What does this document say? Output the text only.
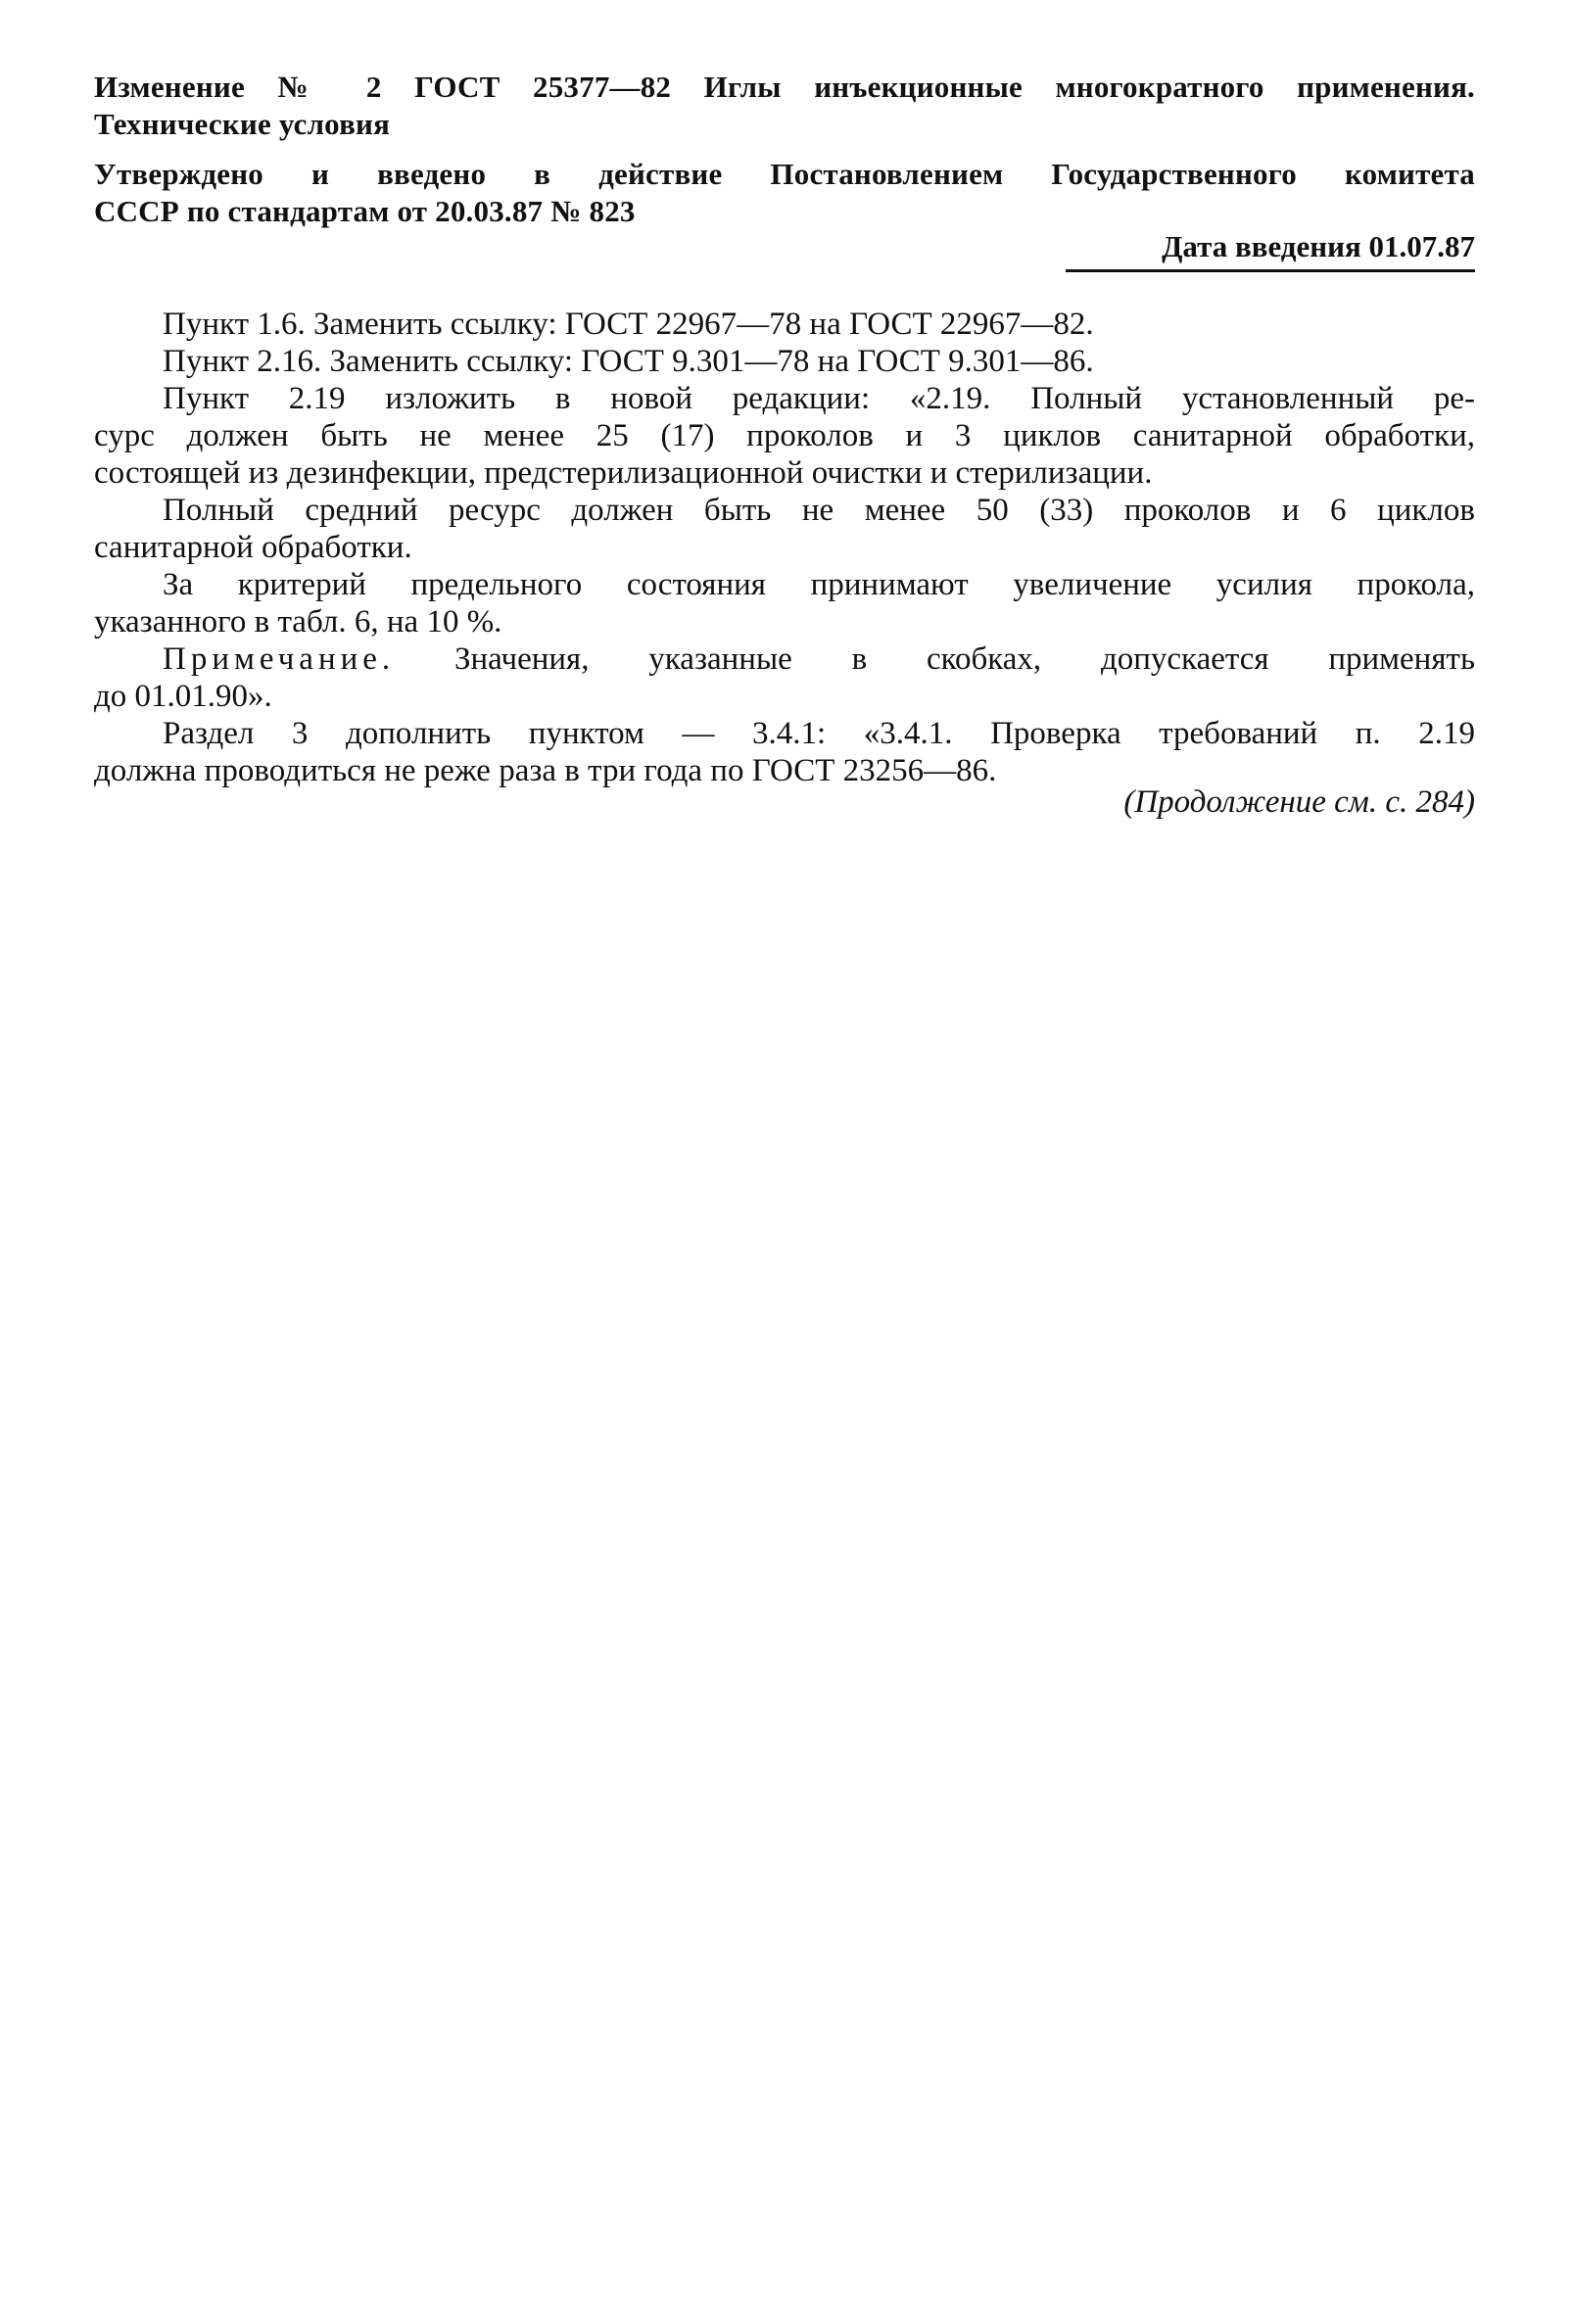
Изменение № 2 ГОСТ 25377—82 Иглы инъекционные многократного применения.
Технические условия
Утверждено и введено в действие Постановлением Государственного комитета
СССР по стандартам от 20.03.87 № 823
Дата введения 01.07.87

Пункт 1.6. Заменить ссылку: ГОСТ 22967—78 на ГОСТ 22967—82.

Пункт 2.16. Заменить ссылку: ГОСТ 9.301—78 на ГОСТ 9.301—86.

Пункт 2.19 изложить в новой редакции: «2.19. Полный установленный ре-
сурс должен быть не менее 25 (17) проколов и 3 циклов санитарной обработки,
состоящей из дезинфекции, предстерилизационной очистки и стерилизации.

Полный средний ресурс должен быть не менее 50 (33) проколов и 6 циклов
санитарной обработки.

За критерий предельного состояния принимают увеличение усилия прокола,
указанного в табл. 6, на 10 %.

Примечание. Значения, указанные в скобках, допускается применять
до 01.01.90».

Раздел 3 дополнить пунктом — 3.4.1: «3.4.1. Проверка требований п. 2.19
должна проводиться не реже раза в три года по ГОСТ 23256—86.

(Продолжение см. с. 284)
